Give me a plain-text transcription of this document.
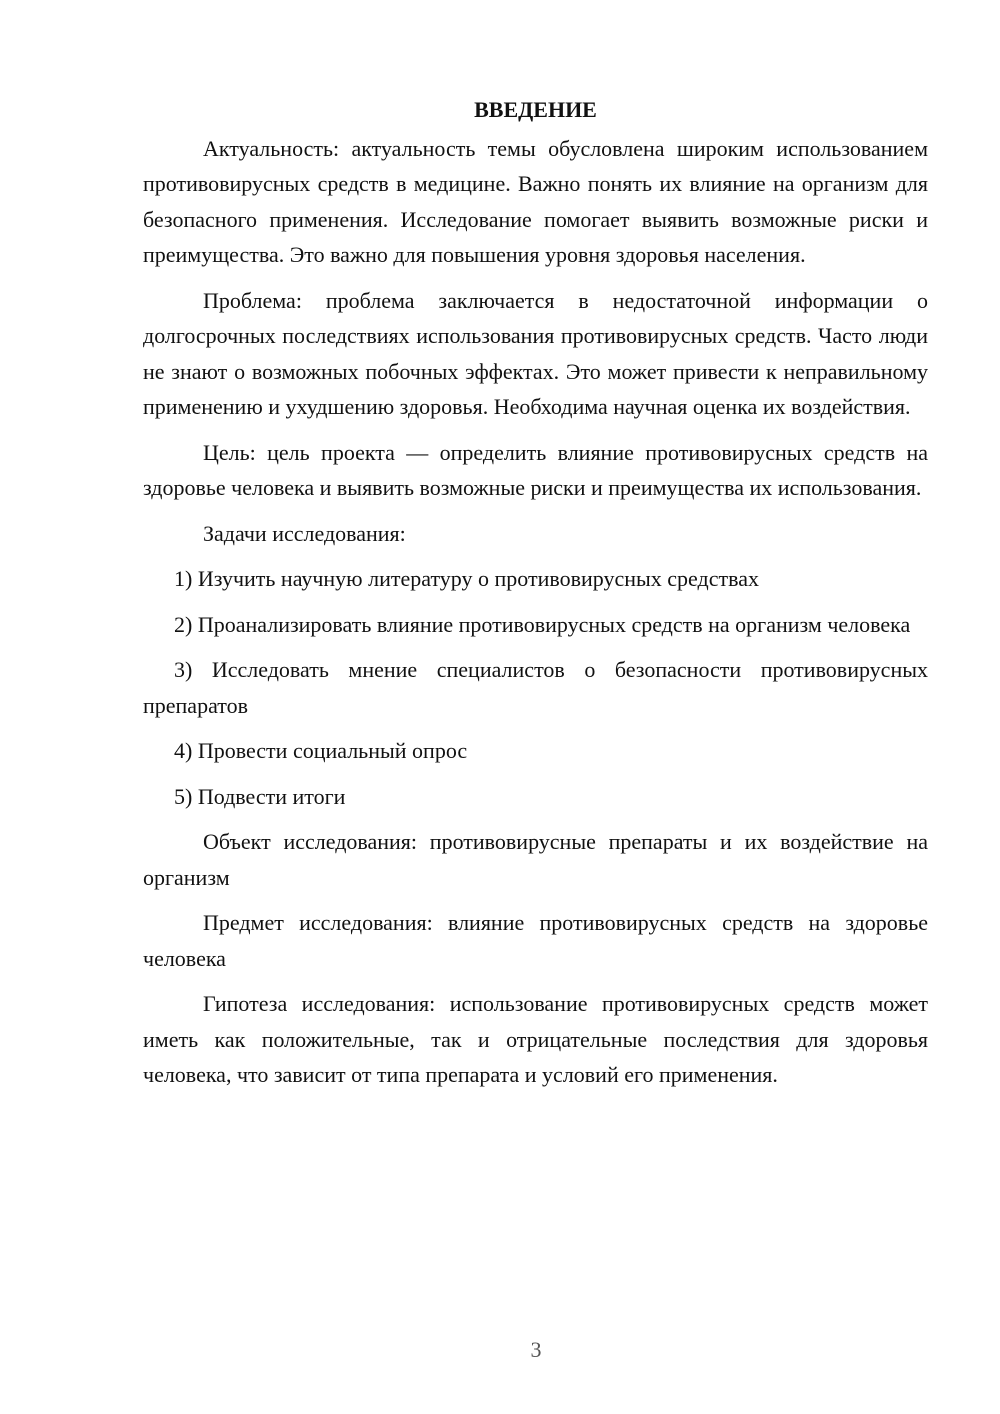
ВВЕДЕНИЕ

Актуальность: актуальность темы обусловлена широким использованием противовирусных средств в медицине. Важно понять их влияние на организм для безопасного применения. Исследование помогает выявить возможные риски и преимущества. Это важно для повышения уровня здоровья населения.

Проблема: проблема заключается в недостаточной информации о долгосрочных последствиях использования противовирусных средств. Часто люди не знают о возможных побочных эффектах. Это может привести к неправильному применению и ухудшению здоровья. Необходима научная оценка их воздействия.

Цель: цель проекта — определить влияние противовирусных средств на здоровье человека и выявить возможные риски и преимущества их использования.

Задачи исследования:

1) Изучить научную литературу о противовирусных средствах

2) Проанализировать влияние противовирусных средств на организм человека

3) Исследовать мнение специалистов о безопасности противовирусных препаратов

4) Провести социальный опрос

5) Подвести итоги

Объект исследования: противовирусные препараты и их воздействие на организм

Предмет исследования: влияние противовирусных средств на здоровье человека

Гипотеза исследования: использование противовирусных средств может иметь как положительные, так и отрицательные последствия для здоровья человека, что зависит от типа препарата и условий его применения.

3
